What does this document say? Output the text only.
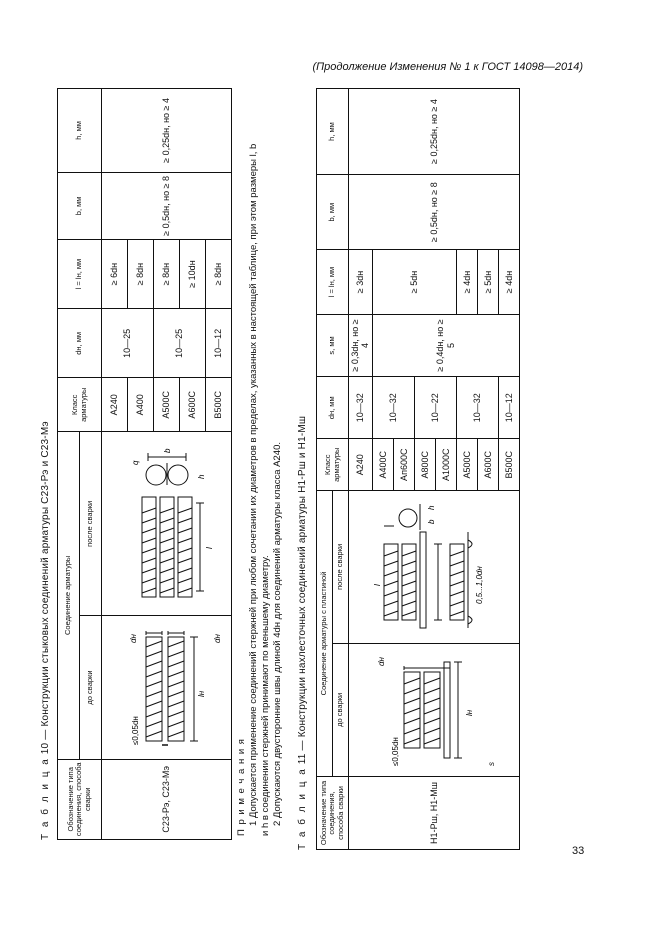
(Продолжение Изменения № 1 к ГОСТ 14098—2014)
Т а б л и ц а 10 — Конструкции стыковых соединений арматуры С23-Рэ и С23-Мэ
Обозначение типа соединения, способа сварки	Соединение арматуры		Класс арматуры	dн, мм	l = lн, мм	b, мм	h, мм
	до сварки	после сварки					
С23-Рэ, С23-Мэ	lн
≤0,05dн
dн dн	l
q
b
h	А240	10—25	≥ 6dн	≥ 0,5dн, но ≥ 8	≥ 0,25dн, но ≥ 4
			А400		≥ 8dн		
			А500С	10—25	≥ 8dн		
			А600С		≥ 10dн		
			В500С	10—12	≥ 8dн		
П р и м е ч а н и я 1 Допускается применение соединений стержней при любом сочетании их диаметров в пределах, указанных в настоящей таблице, при этом размеры l, b и h в соединении стержней принимают по меньшему диаметру. 2 Допускаются двусторонние швы длиной 4dн для соединений арматуры класса А240. Т а б л и ц а 11 — Конструкции нахлесточных соединений арматуры Н1-Рш и Н1-Мш
Обозначение типа соединения, способа сварки	Соединение арматуры с пластиной		Класс арматуры	dн, мм	s, мм	l = lн, мм	b, мм	h, мм
	до сварки	после сварки						
Н1-Рш, Н1-Мш	lн
≤0,05dн s
dн	l 0,5...1,0dн
b
h	А240	10—32	≥ 0,3dн, но ≥ 4	≥ 3dн	≥ 0,5dн, но ≥ 8	≥ 0,25dн, но ≥ 4
			А400С	10—32	≥ 0,4dн, но ≥ 5	≥ 5dн		
			Ап600С					
			А800С	10—22				
			А1000С					
			А500С	10—32		≥ 4dн		
			А600С			≥ 5dн		
			В500С	10—12		≥ 4dн		
33
